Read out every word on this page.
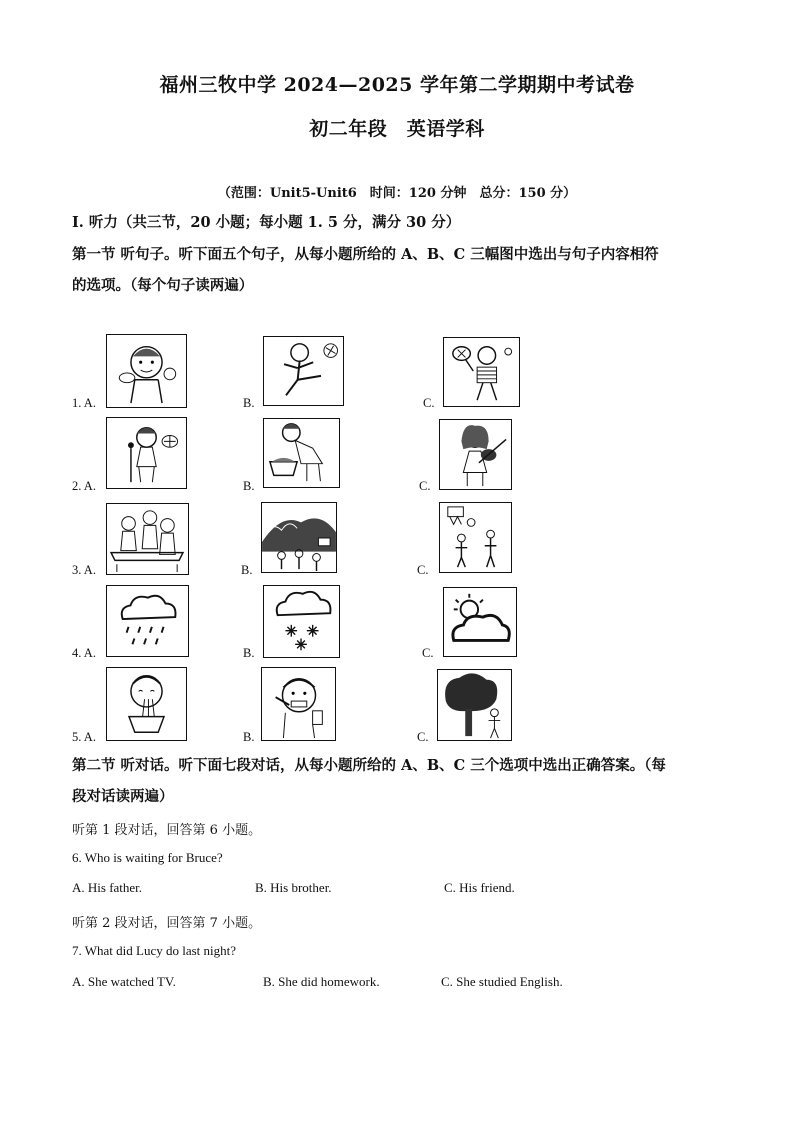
福州三牧中学 2024—2025 学年第二学期期中考试卷
初二年段　英语学科
（范围：Unit5-Unit6　时间：120 分钟　总分：150 分）
Ⅰ. 听力（共三节，20 小题；每小题 1. 5 分，满分 30 分）
第一节 听句子。听下面五个句子，从每小题所给的 A、B、C 三幅图中选出与句子内容相符
的选项。（每个句子读两遍）
1. A.	B.	C.
2. A.	B.	C.
3. A.	B.	C.
4. A.	B.	C.
5. A.	B.	C.
第二节 听对话。听下面七段对话，从每小题所给的 A、B、C 三个选项中选出正确答案。（每
段对话读两遍）
听第 1 段对话，回答第 6 小题。
6. Who is waiting for Bruce?
A. His father.	B. His brother.	C. His friend.
听第 2 段对话，回答第 7 小题。
7. What did Lucy do last night?
A. She watched TV.	B. She did homework.	C. She studied English.
